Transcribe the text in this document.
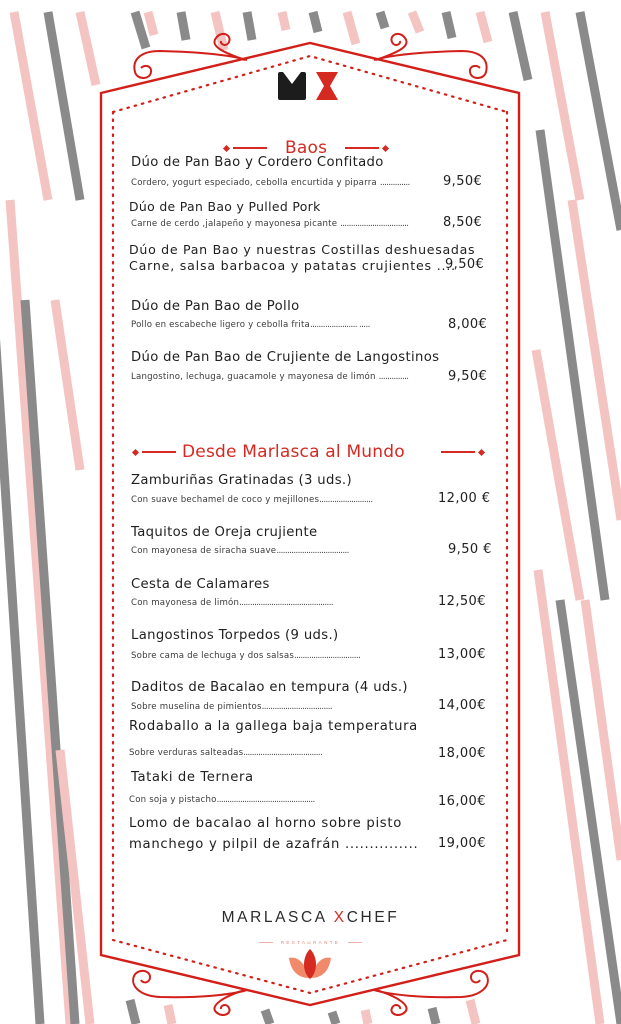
Baos
Dúo de Pan Bao y Cordero Confitado
Cordero, yogurt especiado, cebolla encurtida y piparra ..............	9,50€
Dúo de Pan Bao y Pulled Pork
Carne de cerdo ,jalapeño y mayonesa picante ................................	8,50€
Dúo de Pan Bao y nuestras Costillas deshuesadas
Carne, salsa barbacoa y patatas crujientes ....
9,50€
Dúo de Pan Bao de Pollo
Pollo en escabeche ligero y cebolla frita...................... .....	8,00€
Dúo de Pan Bao de Crujiente de Langostinos
Langostino, lechuga, guacamole y mayonesa de limón ..............	9,50€
Desde Marlasca al Mundo
Zamburiñas Gratinadas (3 uds.)
Con suave bechamel de coco y mejillones.........................	12,00 €
Taquitos de Oreja crujiente
Con mayonesa de siracha suave..................................	9,50 €
Cesta de Calamares
Con mayonesa de limón............................................	12,50€
Langostinos Torpedos (9 uds.)
Sobre cama de lechuga y dos salsas...............................	13,00€
Daditos de Bacalao en tempura (4 uds.)
Sobre muselina de pimientos.................................	14,00€
Rodaballo a la gallega baja temperatura
Sobre verduras salteadas.....................................	18,00€
Tataki de Ternera
Con soja y pistacho..............................................	16,00€
Lomo de bacalao al horno sobre pisto
manchego y pilpil de azafrán ............... 19,00€
MARLASCA XCHEF
RESTAURANTE
